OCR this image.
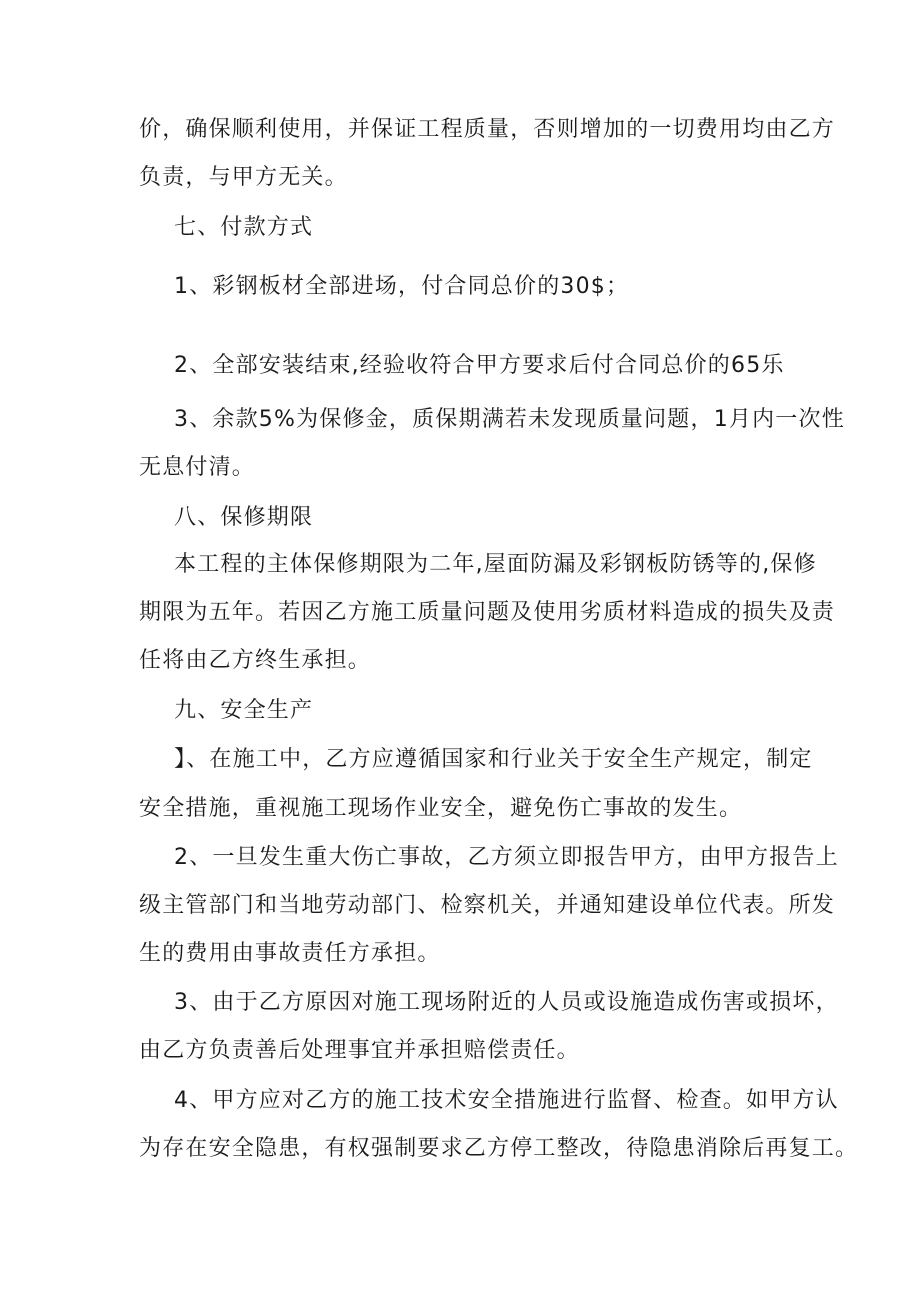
价，确保顺利使用，并保证工程质量，否则增加的一切费用均由乙方

负责，与甲方无关。

七、付款方式

1、彩钢板材全部进场，付合同总价的30$；

2、全部安装结束,经验收符合甲方要求后付合同总价的65乐

3、余款5%为保修金，质保期满若未发现质量问题，1月内一次性

无息付清。

八、保修期限

本工程的主体保修期限为二年,屋面防漏及彩钢板防锈等的,保修

期限为五年。若因乙方施工质量问题及使用劣质材料造成的损失及责

任将由乙方终生承担。

九、安全生产

】、在施工中，乙方应遵循国家和行业关于安全生产规定，制定

安全措施，重视施工现场作业安全，避免伤亡事故的发生。

2、一旦发生重大伤亡事故，乙方须立即报告甲方，由甲方报告上

级主管部门和当地劳动部门、检察机关，并通知建设单位代表。所发

生的费用由事故责任方承担。

3、由于乙方原因对施工现场附近的人员或设施造成伤害或损坏，

由乙方负责善后处理事宜并承担赔偿责任。

4、甲方应对乙方的施工技术安全措施进行监督、检查。如甲方认

为存在安全隐患，有权强制要求乙方停工整改，待隐患消除后再复工。
